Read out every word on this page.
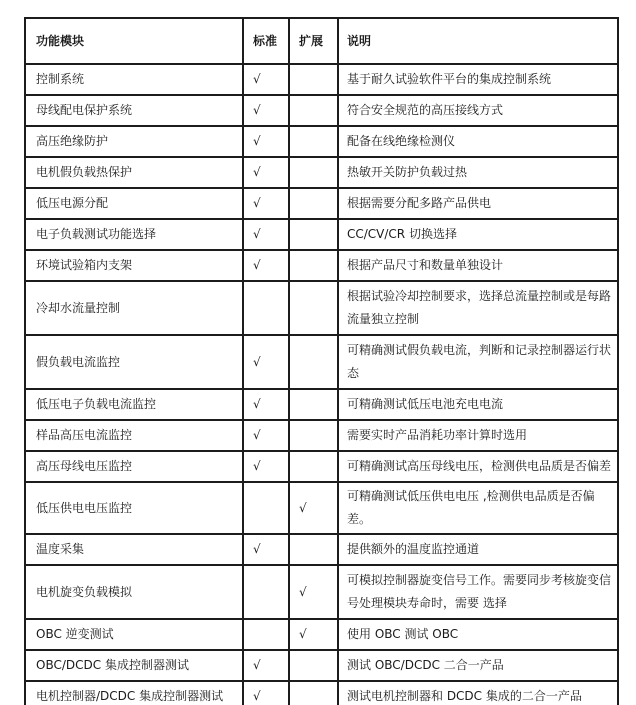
功能模块	标准	扩展	说明
控制系统	√		基于耐久试验软件平台的集成控制系统
母线配电保护系统	√		符合安全规范的高压接线方式
高压绝缘防护	√		配备在线绝缘检测仪
电机假负载热保护	√		热敏开关防护负载过热
低压电源分配	√		根据需要分配多路产品供电
电子负载测试功能选择	√		CC/CV/CR 切换选择
环境试验箱内支架	√		根据产品尺寸和数量单独设计
冷却水流量控制			根据试验冷却控制要求，选择总流量控制或是每路流量独立控制
假负载电流监控	√		可精确测试假负载电流，判断和记录控制器运行状态
低压电子负载电流监控	√		可精确测试低压电池充电电流
样品高压电流监控	√		需要实时产品消耗功率计算时选用
高压母线电压监控	√		可精确测试高压母线电压，检测供电品质是否偏差
低压供电电压监控		√	可精确测试低压供电电压 ,检测供电品质是否偏差。
温度采集	√		提供额外的温度监控通道
电机旋变负载模拟		√	可模拟控制器旋变信号工作。需要同步考核旋变信号处理模块寿命时，需要 选择
OBC 逆变测试		√	使用 OBC 测试 OBC
OBC/DCDC 集成控制器测试	√		测试 OBC/DCDC 二合一产品
电机控制器/DCDC 集成控制器测试	√		测试电机控制器和 DCDC 集成的二合一产品
